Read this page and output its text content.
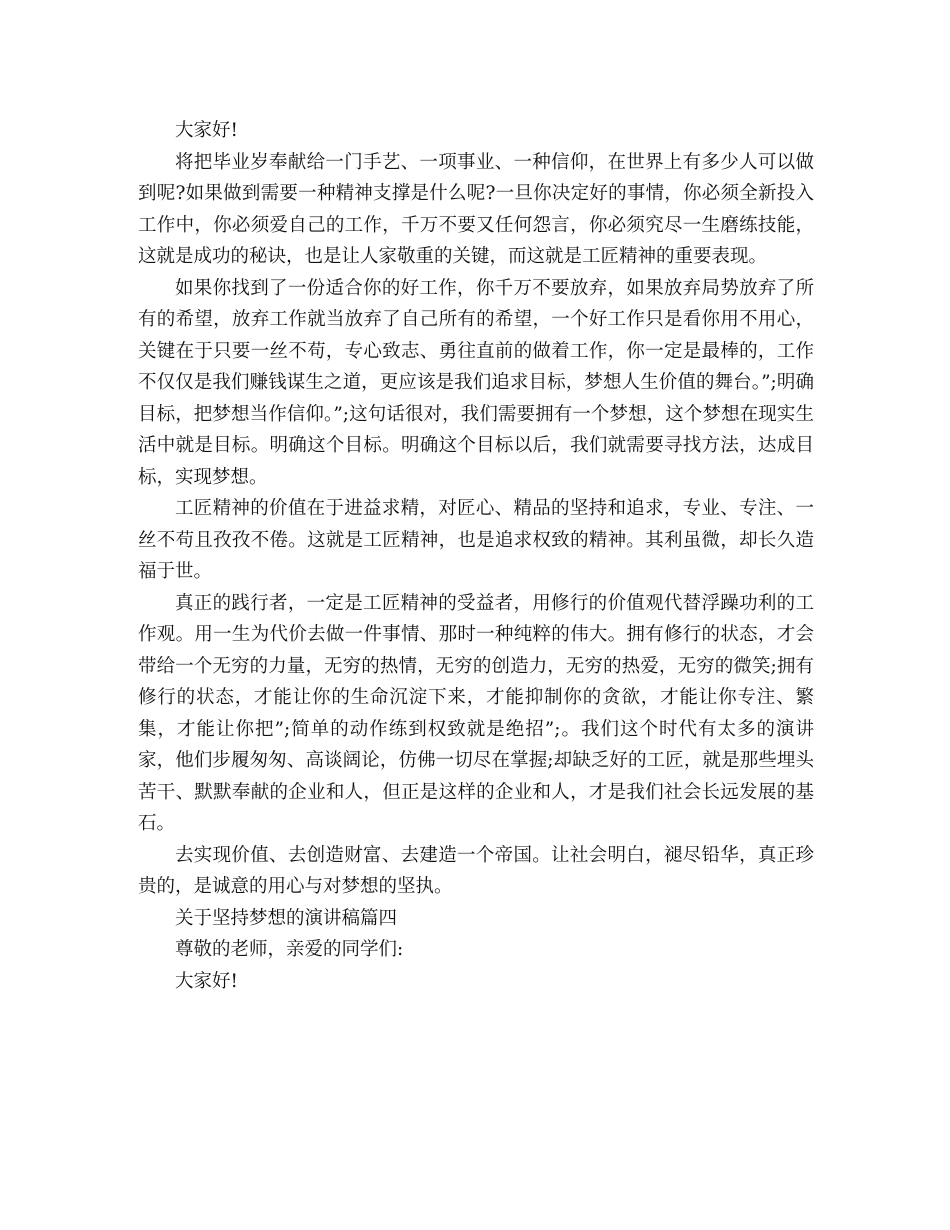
大家好!

将把毕业岁奉献给一门手艺、一项事业、一种信仰，在世界上有多少人可以做到呢?如果做到需要一种精神支撑是什么呢?一旦你决定好的事情，你必须全新投入工作中，你必须爱自己的工作，千万不要又任何怨言，你必须究尽一生磨练技能，这就是成功的秘诀，也是让人家敬重的关键，而这就是工匠精神的重要表现。

如果你找到了一份适合你的好工作，你千万不要放弃，如果放弃局势放弃了所有的希望，放弃工作就当放弃了自己所有的希望，一个好工作只是看你用不用心，关键在于只要一丝不苟，专心致志、勇往直前的做着工作，你一定是最棒的，工作不仅仅是我们赚钱谋生之道，更应该是我们追求目标，梦想人生价值的舞台。”;明确目标，把梦想当作信仰。”;这句话很对，我们需要拥有一个梦想，这个梦想在现实生活中就是目标。明确这个目标。明确这个目标以后，我们就需要寻找方法，达成目标，实现梦想。

工匠精神的价值在于进益求精，对匠心、精品的坚持和追求，专业、专注、一丝不苟且孜孜不倦。这就是工匠精神，也是追求权致的精神。其利虽微，却长久造福于世。

真正的践行者，一定是工匠精神的受益者，用修行的价值观代替浮躁功利的工作观。用一生为代价去做一件事情、那时一种纯粹的伟大。拥有修行的状态，才会带给一个无穷的力量，无穷的热情，无穷的创造力，无穷的热爱，无穷的微笑;拥有修行的状态，才能让你的生命沉淀下来，才能抑制你的贪欲，才能让你专注、繁集，才能让你把”;简单的动作练到权致就是绝招”;。我们这个时代有太多的演讲家，他们步履匆匆、高谈阔论，仿佛一切尽在掌握;却缺乏好的工匠，就是那些埋头苦干、默默奉献的企业和人，但正是这样的企业和人，才是我们社会长远发展的基石。

去实现价值、去创造财富、去建造一个帝国。让社会明白，褪尽铅华，真正珍贵的，是诚意的用心与对梦想的坚执。

关于坚持梦想的演讲稿篇四

尊敬的老师，亲爱的同学们:

大家好!
